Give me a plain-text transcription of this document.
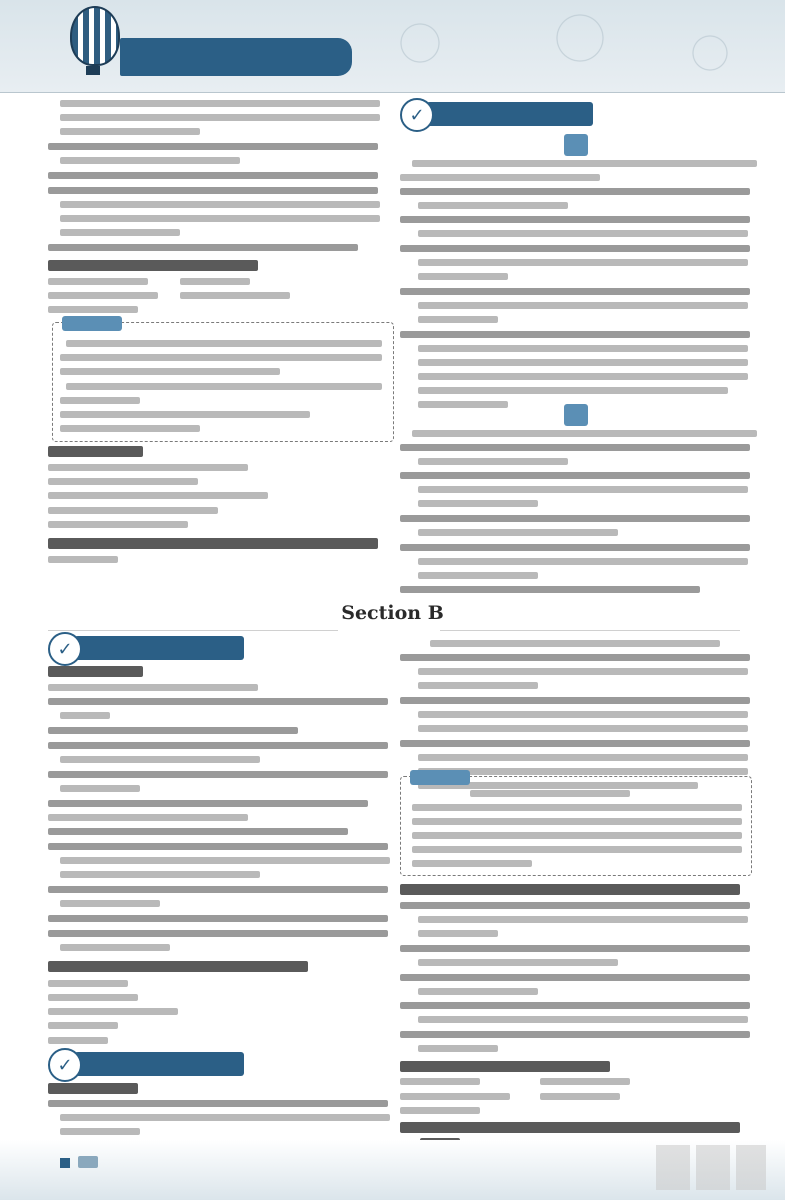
✓
Section B
✓
✓
